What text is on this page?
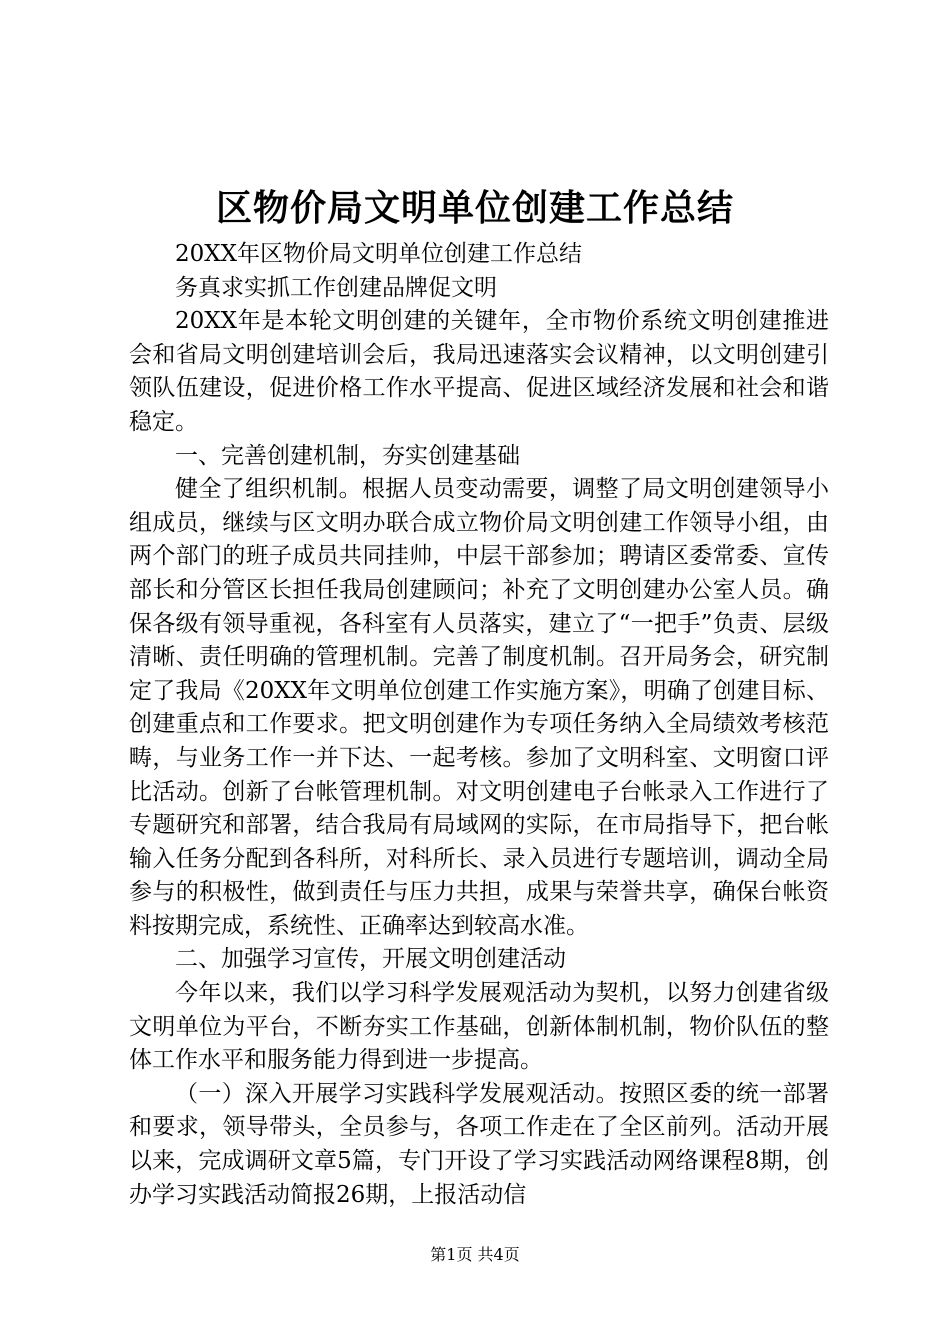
区物价局文明单位创建工作总结

20XX年区物价局文明单位创建工作总结

务真求实抓工作创建品牌促文明

20XX年是本轮文明创建的关键年，全市物价系统文明创建推进会和省局文明创建培训会后，我局迅速落实会议精神，以文明创建引领队伍建设，促进价格工作水平提高、促进区域经济发展和社会和谐稳定。

一、完善创建机制，夯实创建基础

健全了组织机制。根据人员变动需要，调整了局文明创建领导小组成员，继续与区文明办联合成立物价局文明创建工作领导小组，由两个部门的班子成员共同挂帅，中层干部参加；聘请区委常委、宣传部长和分管区长担任我局创建顾问；补充了文明创建办公室人员。确保各级有领导重视，各科室有人员落实，建立了“一把手”负责、层级清晰、责任明确的管理机制。完善了制度机制。召开局务会，研究制定了我局《20XX年文明单位创建工作实施方案》，明确了创建目标、创建重点和工作要求。把文明创建作为专项任务纳入全局绩效考核范畴，与业务工作一并下达、一起考核。参加了文明科室、文明窗口评比活动。创新了台帐管理机制。对文明创建电子台帐录入工作进行了专题研究和部署，结合我局有局域网的实际，在市局指导下，把台帐输入任务分配到各科所，对科所长、录入员进行专题培训，调动全局参与的积极性，做到责任与压力共担，成果与荣誉共享，确保台帐资料按期完成，系统性、正确率达到较高水准。

二、加强学习宣传，开展文明创建活动

今年以来，我们以学习科学发展观活动为契机，以努力创建省级文明单位为平台，不断夯实工作基础，创新体制机制，物价队伍的整体工作水平和服务能力得到进一步提高。

（一）深入开展学习实践科学发展观活动。按照区委的统一部署和要求，领导带头，全员参与，各项工作走在了全区前列。活动开展以来，完成调研文章5篇，专门开设了学习实践活动网络课程8期，创办学习实践活动简报26期，上报活动信

第1页 共4页
